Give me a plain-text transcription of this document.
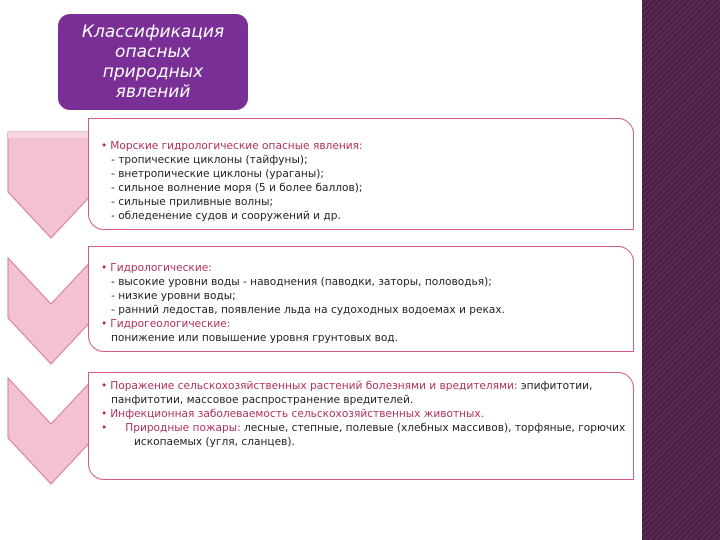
Классификация опасных природных явлений
• Морские гидрологические опасные явления:
- тропические циклоны (тайфуны);
- внетропические циклоны (ураганы);
- сильное волнение моря (5 и более баллов);
- сильные приливные волны;
- обледенение судов и сооружений и др.
• Гидрологические:
- высокие уровни воды - наводнения (паводки, заторы, половодья);
- низкие уровни воды;
- ранний ледостав, появление льда на судоходных водоемах и реках.
• Гидрогеологические:
понижение или повышение уровня грунтовых вод.
• Поражение сельскохозяйственных растений болезнями и вредителями: эпифитотии,
панфитотии, массовое распространение вредителей.
• Инфекционная заболеваемость сельскохозяйственных животных.
• Природные пожары: лесные, степные, полевые (хлебных массивов), торфяные, горючих
ископаемых (угля, сланцев).
